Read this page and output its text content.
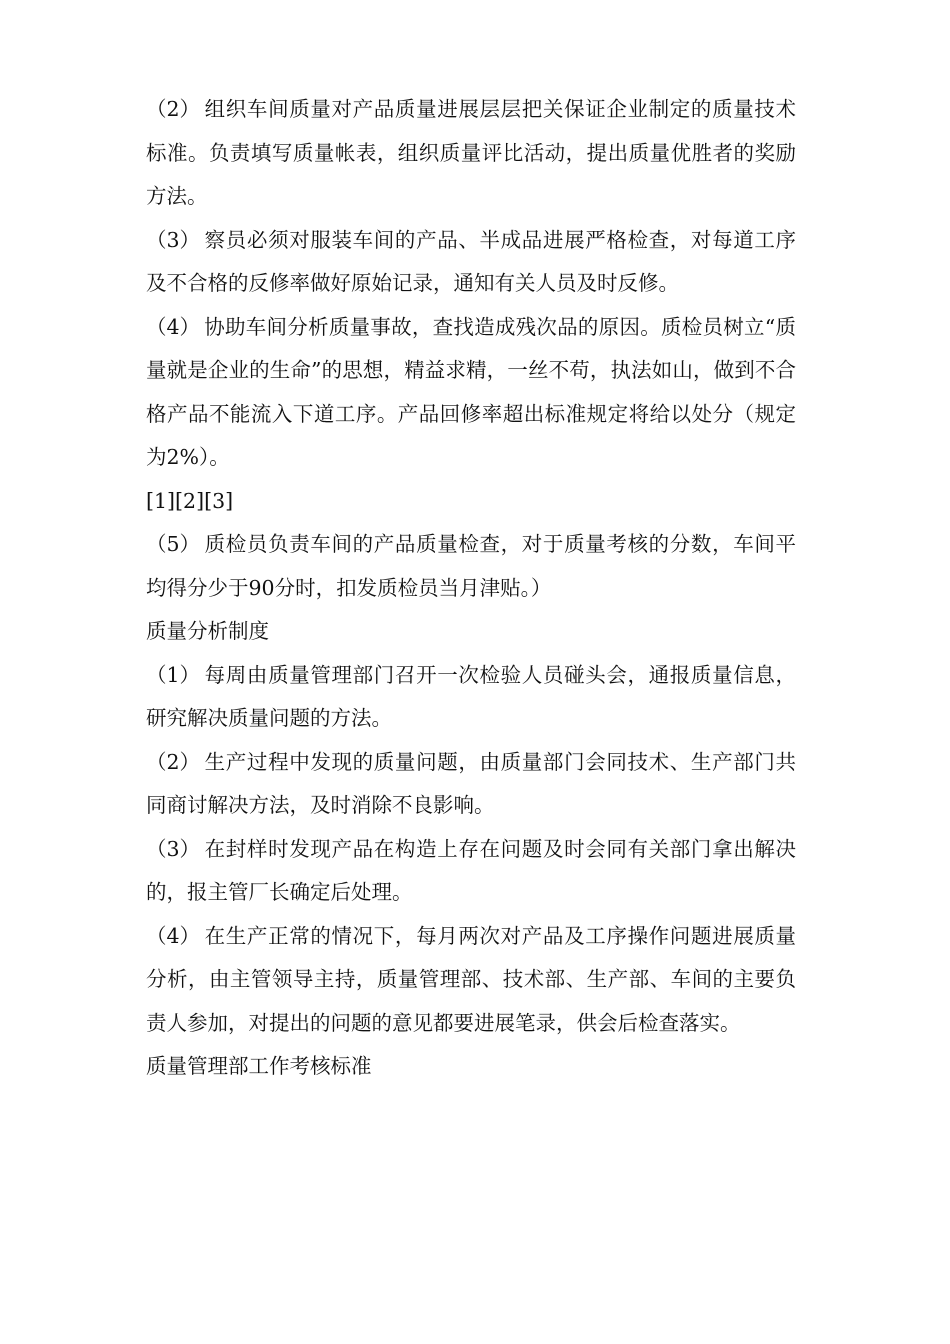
（2） 组织车间质量对产品质量进展层层把关保证企业制定的质量技术标准。负责填写质量帐表，组织质量评比活动，提出质量优胜者的奖励方法。

（3） 察员必须对服装车间的产品、半成品进展严格检查，对每道工序及不合格的反修率做好原始记录，通知有关人员及时反修。

（4） 协助车间分析质量事故，查找造成残次品的原因。质检员树立“质量就是企业的生命”的思想，精益求精，一丝不苟，执法如山，做到不合格产品不能流入下道工序。产品回修率超出标准规定将给以处分（规定为2%）。

[1][2][3]

（5） 质检员负责车间的产品质量检查，对于质量考核的分数，车间平均得分少于90分时，扣发质检员当月津贴。）

质量分析制度

（1） 每周由质量管理部门召开一次检验人员碰头会，通报质量信息，研究解决质量问题的方法。

（2） 生产过程中发现的质量问题，由质量部门会同技术、生产部门共同商讨解决方法，及时消除不良影响。

（3） 在封样时发现产品在构造上存在问题及时会同有关部门拿出解决的，报主管厂长确定后处理。

（4） 在生产正常的情况下，每月两次对产品及工序操作问题进展质量分析，由主管领导主持，质量管理部、技术部、生产部、车间的主要负责人参加，对提出的问题的意见都要进展笔录，供会后检查落实。

质量管理部工作考核标准
